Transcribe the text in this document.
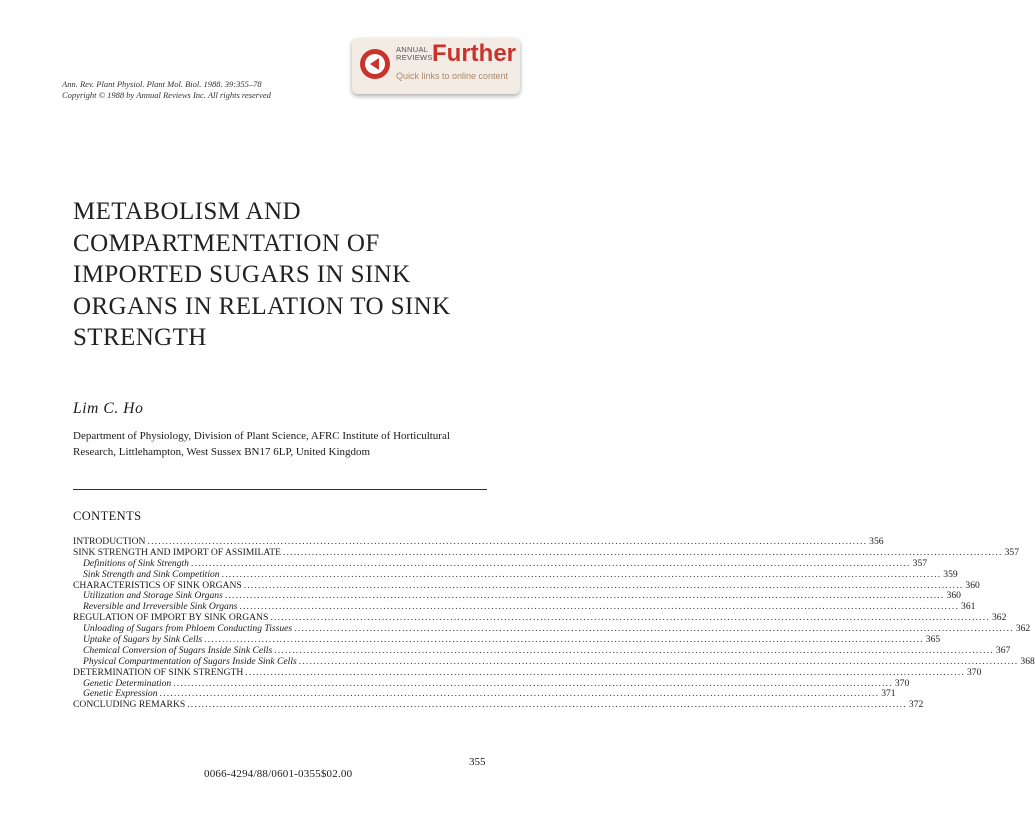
ANNUAL REVIEWS Further
Quick links to online content
Ann. Rev. Plant Physiol. Plant Mol. Biol. 1988. 39:355–78
Copyright © 1988 by Annual Reviews Inc. All rights reserved
METABOLISM AND
COMPARTMENTATION OF
IMPORTED SUGARS IN SINK
ORGANS IN RELATION TO SINK
STRENGTH
Lim C. Ho
Department of Physiology, Division of Plant Science, AFRC Institute of Horticultural
Research, Littlehampton, West Sussex BN17 6LP, United Kingdom
CONTENTS
INTRODUCTION ........................................................................................................................................................................................................ 356
SINK STRENGTH AND IMPORT OF ASSIMILATE ........................................................................................................................................................................................................ 357
Definitions of Sink Strength ........................................................................................................................................................................................................ 357
Sink Strength and Sink Competition ........................................................................................................................................................................................................ 359
CHARACTERISTICS OF SINK ORGANS ........................................................................................................................................................................................................ 360
Utilization and Storage Sink Organs ........................................................................................................................................................................................................ 360
Reversible and Irreversible Sink Organs ........................................................................................................................................................................................................ 361
REGULATION OF IMPORT BY SINK ORGANS ........................................................................................................................................................................................................ 362
Unloading of Sugars from Phloem Conducting Tissues ........................................................................................................................................................................................................ 362
Uptake of Sugars by Sink Cells ........................................................................................................................................................................................................ 365
Chemical Conversion of Sugars Inside Sink Cells ........................................................................................................................................................................................................ 367
Physical Compartmentation of Sugars Inside Sink Cells ........................................................................................................................................................................................................ 368
DETERMINATION OF SINK STRENGTH ........................................................................................................................................................................................................ 370
Genetic Determination ........................................................................................................................................................................................................ 370
Genetic Expression ........................................................................................................................................................................................................ 371
CONCLUDING REMARKS ........................................................................................................................................................................................................ 372
355
0066-4294/88/0601-0355$02.00
